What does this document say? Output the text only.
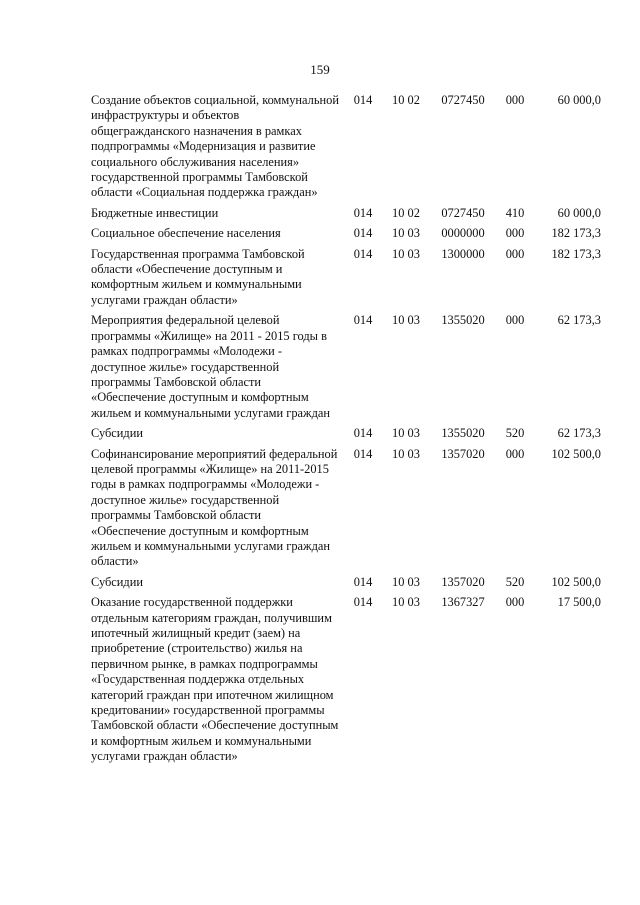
159
Создание объектов социальной, коммунальной инфраструктуры и объектов общегражданского назначения в рамках подпрограммы «Модернизация и развитие социального обслуживания населения» государственной программы Тамбовской области «Социальная поддержка граждан»	014	10 02	0727450	000	60 000,0
Бюджетные инвестиции	014	10 02	0727450	410	60 000,0
Социальное обеспечение населения	014	10 03	0000000	000	182 173,3
Государственная программа Тамбовской области «Обеспечение доступным и комфортным жильем и коммунальными услугами граждан области»	014	10 03	1300000	000	182 173,3
Мероприятия федеральной целевой программы «Жилище» на 2011 - 2015 годы в рамках подпрограммы «Молодежи - доступное жилье» государственной программы Тамбовской области «Обеспечение доступным и комфортным жильем и коммунальными услугами граждан	014	10 03	1355020	000	62 173,3
Субсидии	014	10 03	1355020	520	62 173,3
Софинансирование мероприятий федеральной целевой программы «Жилище» на 2011-2015 годы в рамках подпрограммы «Молодежи - доступное жилье» государственной программы Тамбовской области «Обеспечение доступным и комфортным жильем и коммунальными услугами граждан области»	014	10 03	1357020	000	102 500,0
Субсидии	014	10 03	1357020	520	102 500,0
Оказание государственной поддержки отдельным категориям граждан, получившим ипотечный жилищный кредит (заем) на приобретение (строительство) жилья на первичном рынке, в рамках подпрограммы «Государственная поддержка отдельных категорий граждан при ипотечном жилищном кредитовании» государственной программы Тамбовской области «Обеспечение доступным и комфортным жильем и коммунальными услугами граждан области»	014	10 03	1367327	000	17 500,0
